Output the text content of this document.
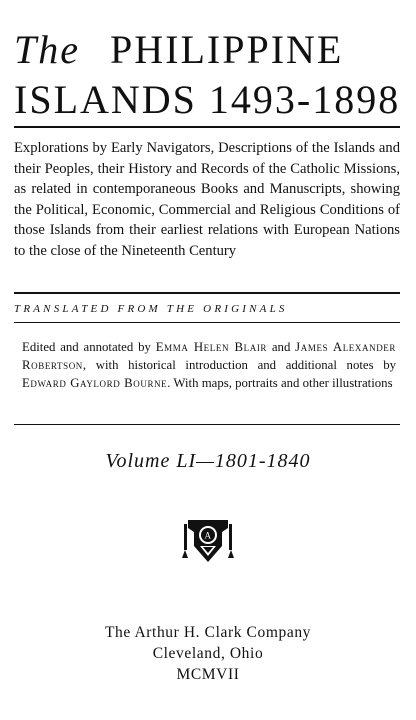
The PHILIPPINE
ISLANDS 1493-1898
Explorations by Early Navigators, Descriptions of the Islands and their Peoples, their History and Records of the Catholic Missions, as related in contemporaneous Books and Manuscripts, showing the Political, Economic, Commercial and Religious Conditions of those Islands from their earliest relations with European Nations to the close of the Nineteenth Century
TRANSLATED FROM THE ORIGINALS
Edited and annotated by Emma Helen Blair and James Alexander Robertson, with historical introduction and additional notes by Edward Gaylord Bourne. With maps, portraits and other illustrations
Volume LI—1801-1840
A
The Arthur H. Clark Company
Cleveland, Ohio
MCMVII
